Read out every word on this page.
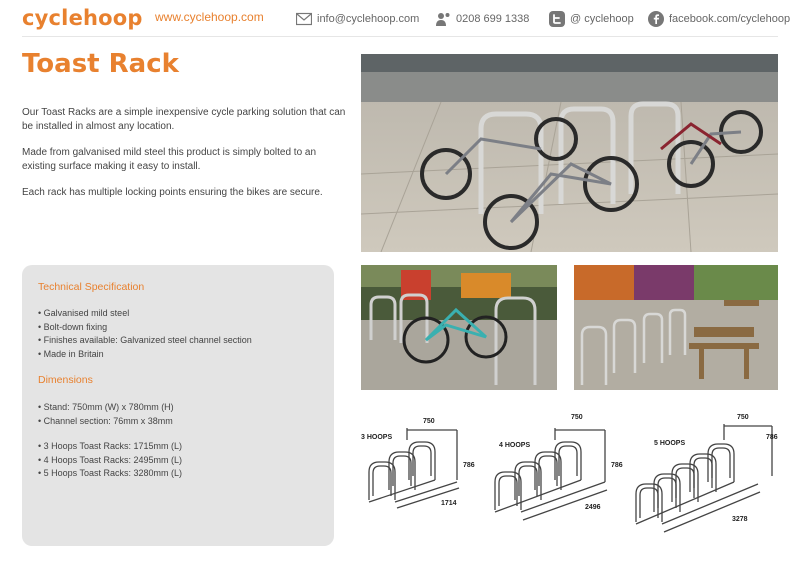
cyclehoop www.cyclehoop.com	info@cyclehoop.com	0208 699 1338	@ cyclehoop	facebook.com/cyclehoop
Toast Rack
Our Toast Racks are a simple inexpensive cycle parking solution that can be installed in almost any location.
Made from galvanised mild steel this product is simply bolted to an existing surface making it easy to install.
Each rack has multiple locking points ensuring the bikes are secure.
Technical Specification
• Galvanised mild steel
• Bolt-down fixing
• Finishes available: Galvanized steel channel section
• Made in Britain
Dimensions
• Stand: 750mm (W) x 780mm (H)
• Channel section: 76mm x 38mm
• 3 Hoops Toast Racks: 1715mm (L)
• 4 Hoops Toast Racks: 2495mm (L)
• 5 Hoops Toast Racks: 3280mm (L)
3 HOOPS
750
786
1714
4 HOOPS
750
786
2496
5 HOOPS
750
786
3278
